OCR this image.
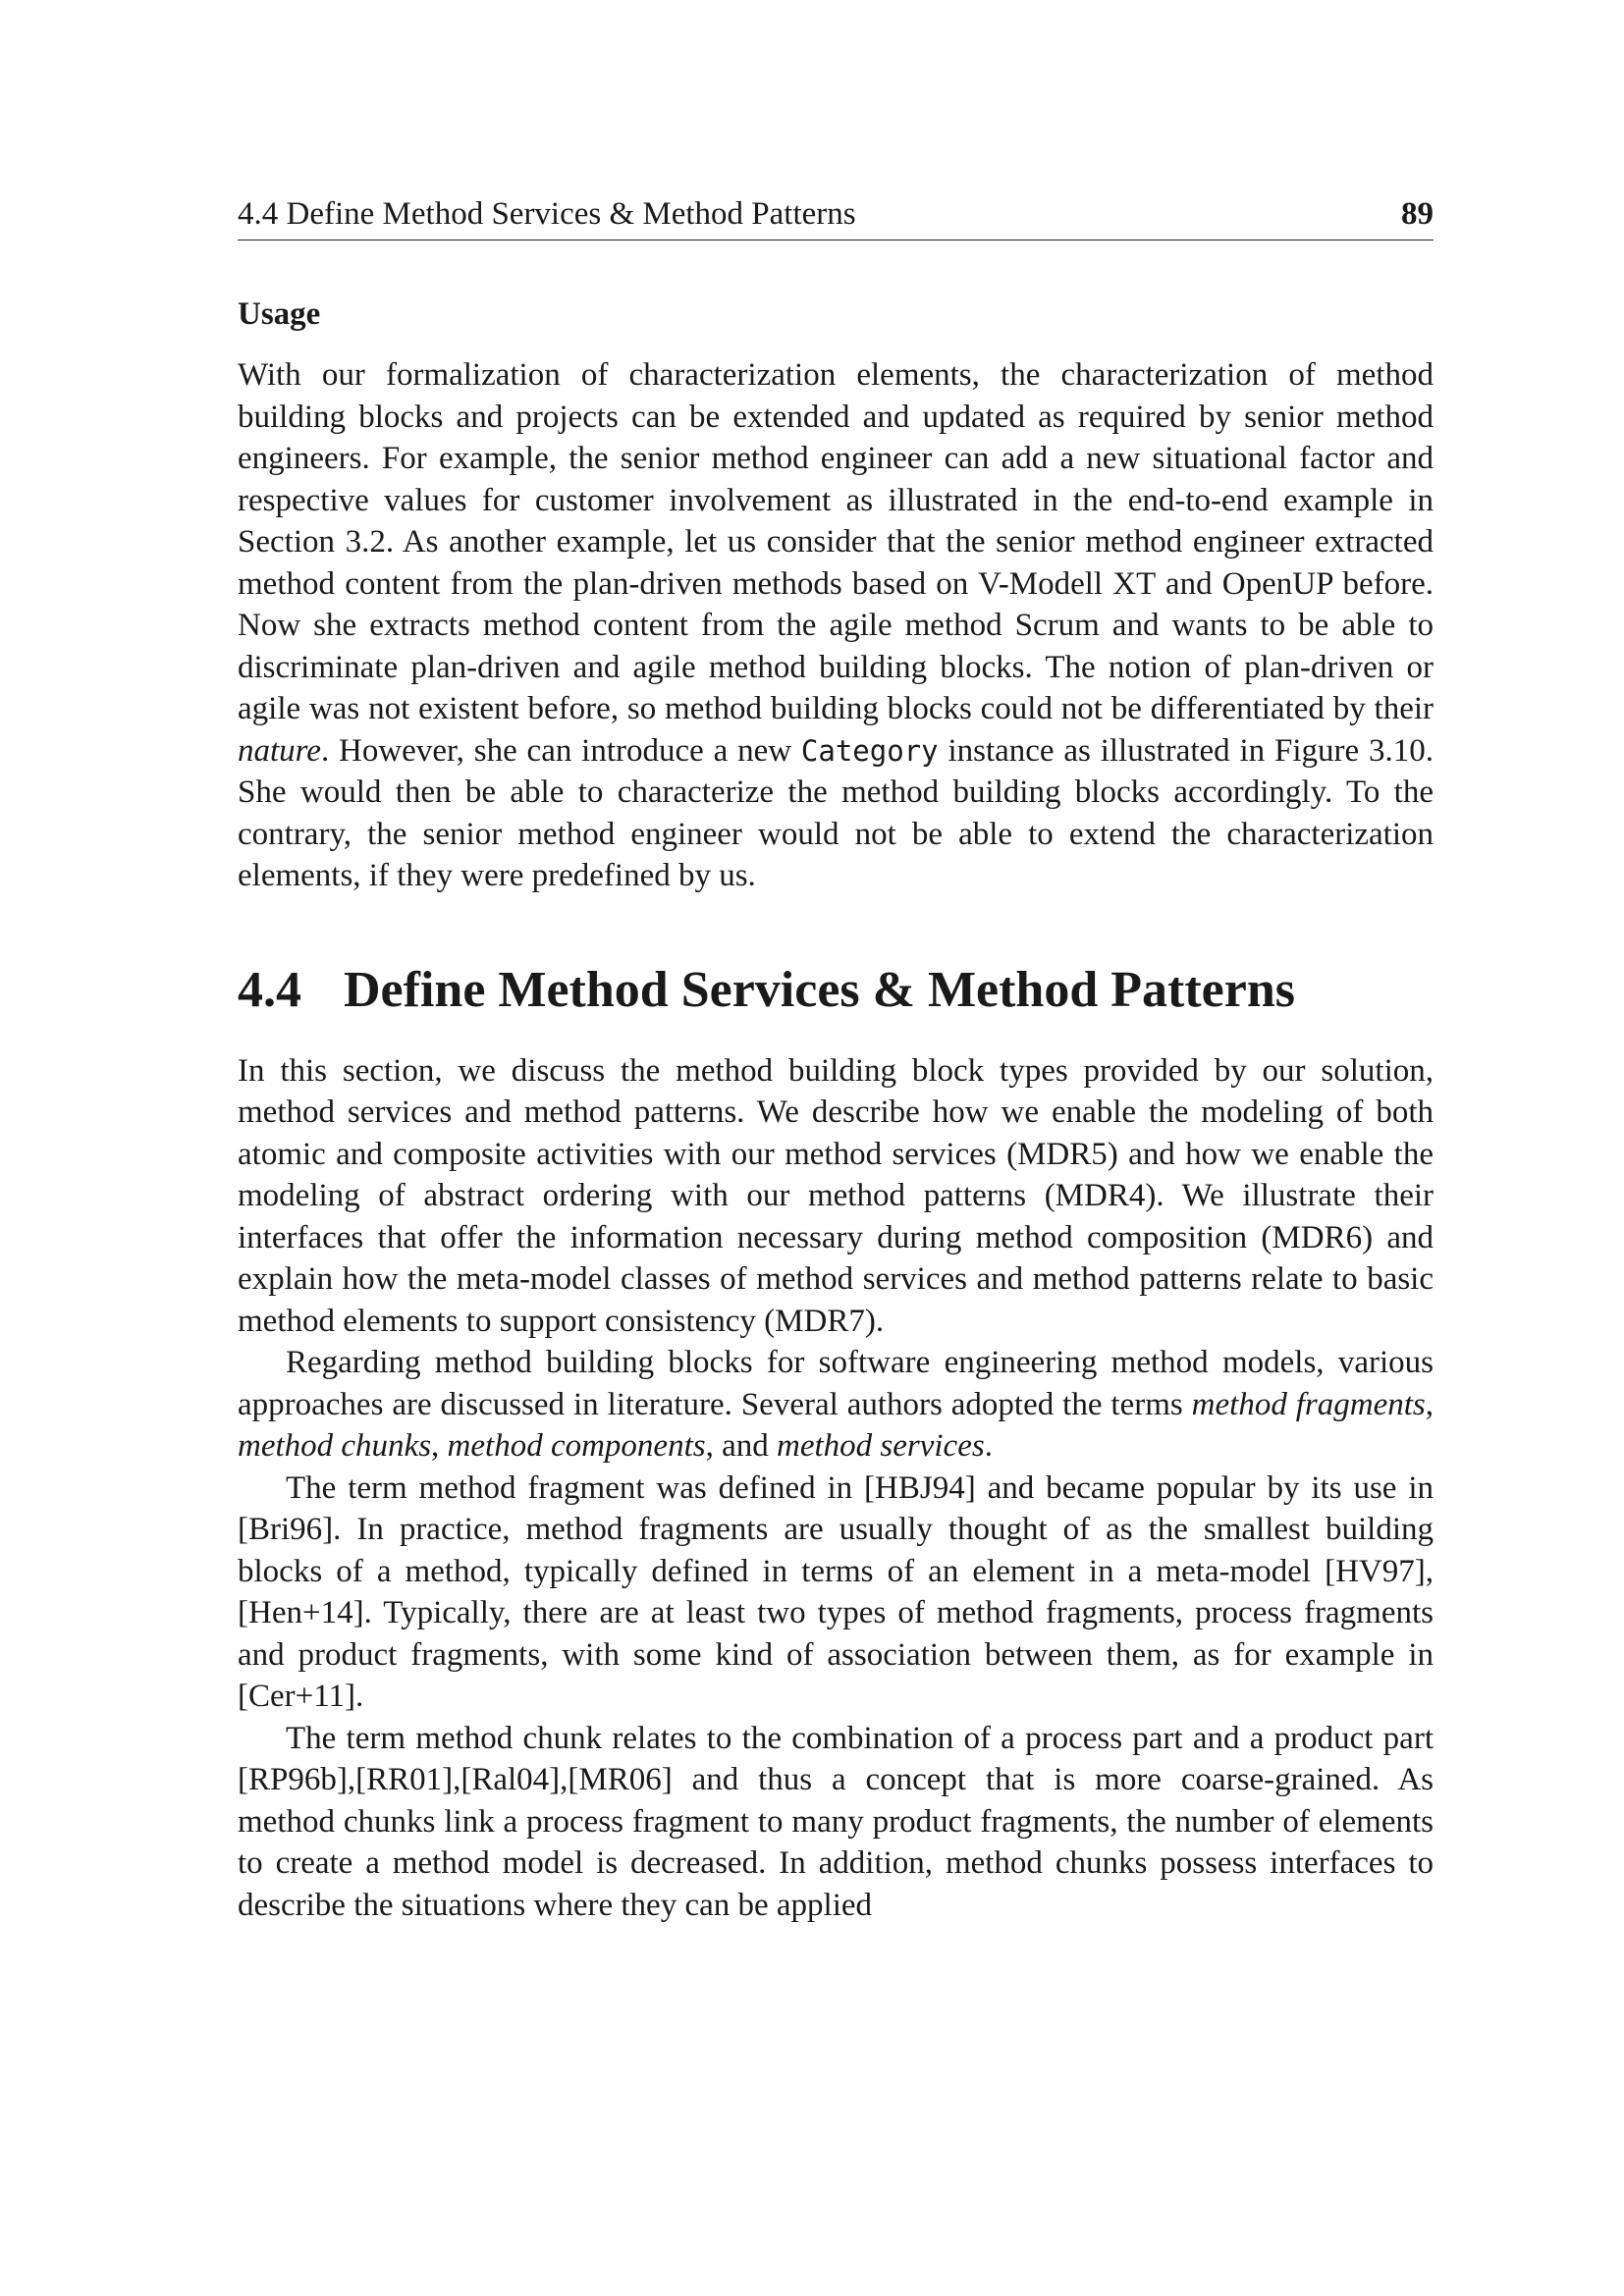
4.4 Define Method Services & Method Patterns	89
Usage

With our formalization of characterization elements, the characterization of method building blocks and projects can be extended and updated as required by senior method engineers. For example, the senior method engineer can add a new situational factor and respective values for customer involvement as illustrated in the end-to-end example in Section 3.2. As another example, let us consider that the senior method engineer extracted method content from the plan-driven methods based on V-Modell XT and OpenUP before. Now she extracts method content from the agile method Scrum and wants to be able to discriminate plan-driven and agile method building blocks. The notion of plan-driven or agile was not existent before, so method building blocks could not be differentiated by their nature. However, she can introduce a new Category instance as illustrated in Figure 3.10. She would then be able to characterize the method building blocks accordingly. To the contrary, the senior method engineer would not be able to extend the characterization elements, if they were predefined by us.

4.4 Define Method Services & Method Patterns

In this section, we discuss the method building block types provided by our solution, method services and method patterns. We describe how we enable the modeling of both atomic and composite activities with our method services (MDR5) and how we enable the modeling of abstract ordering with our method patterns (MDR4). We illustrate their interfaces that offer the information necessary during method composition (MDR6) and explain how the meta-model classes of method services and method patterns relate to basic method elements to support consistency (MDR7).

Regarding method building blocks for software engineering method models, various approaches are discussed in literature. Several authors adopted the terms method fragments, method chunks, method components, and method services.

The term method fragment was defined in [HBJ94] and became popular by its use in [Bri96]. In practice, method fragments are usually thought of as the smallest building blocks of a method, typically defined in terms of an element in a meta-model [HV97],[Hen+14]. Typically, there are at least two types of method fragments, process fragments and product fragments, with some kind of association between them, as for example in [Cer+11].

The term method chunk relates to the combination of a process part and a product part [RP96b],[RR01],[Ral04],[MR06] and thus a concept that is more coarse-grained. As method chunks link a process fragment to many product fragments, the number of elements to create a method model is decreased. In addition, method chunks possess interfaces to describe the situations where they can be applied
